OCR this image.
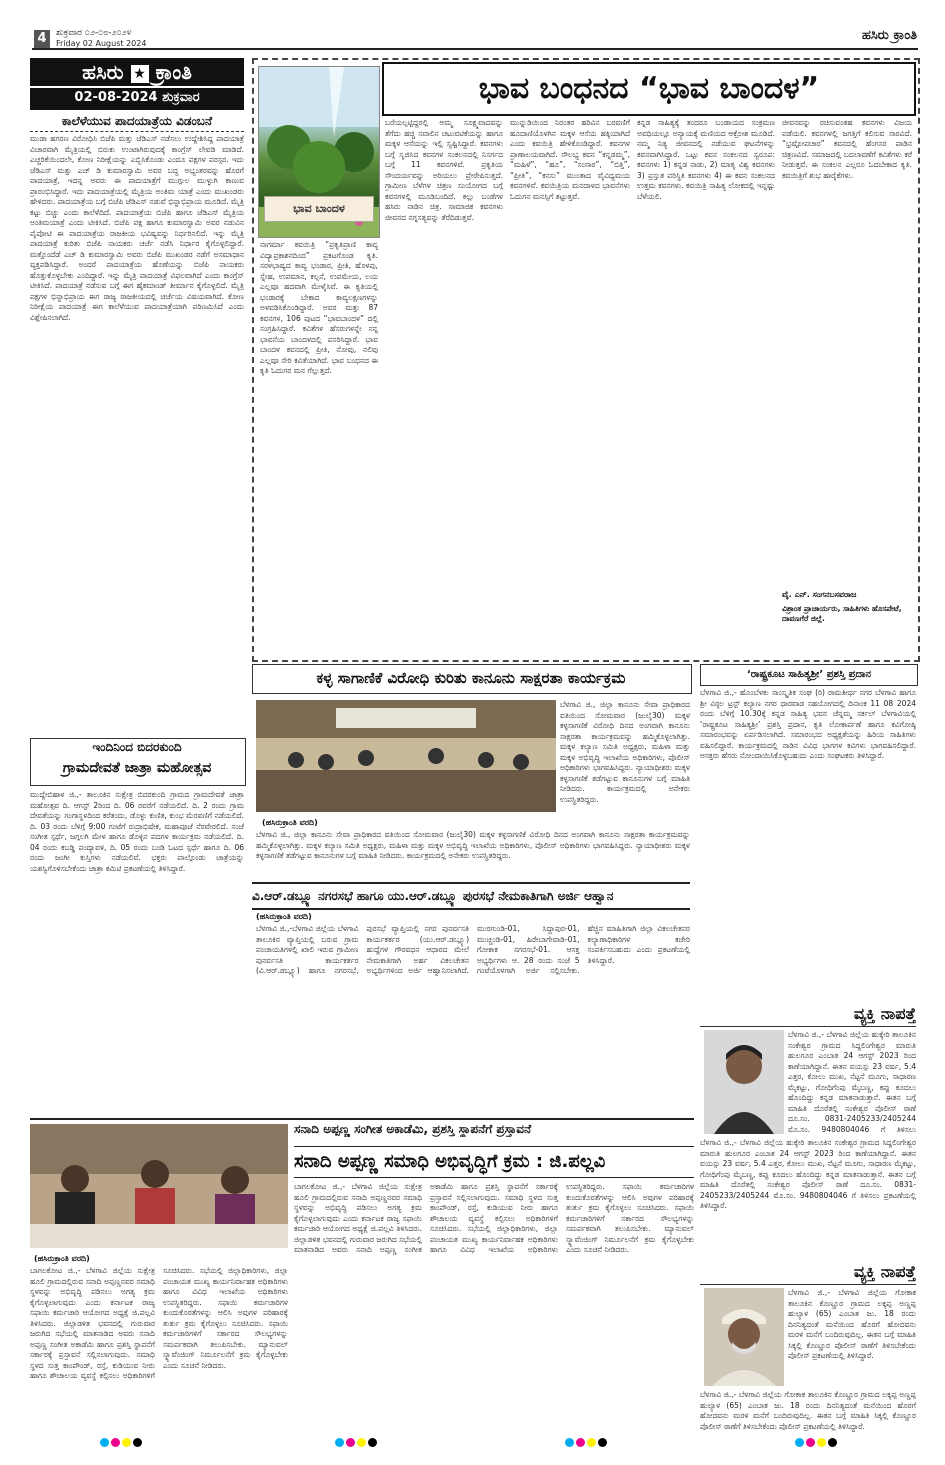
4	ಶುಕ್ರವಾರ ೦೨-೦೮-೨೦೨೪
Friday 02 August 2024
ಹಸಿರು ಕ್ರಾಂತಿ
ಹಸಿರು ★ ಕ್ರಾಂತಿ
02-08-2024 ಶುಕ್ರವಾರ
ಕಾಲೆಳೆಯುವ ಪಾದಯಾತ್ರೆಯ ವಿಡಂಬನೆ
ಮುಡಾ ಹಗರಣ ವಿರೋಧಿಸಿ ಬಿಜೆಪಿ ಮತ್ತು ಜೆಡಿಎಸ್ ನಡೆಸಲು ಉದ್ದೇಶಿಸಿದ್ದ ಪಾದಯಾತ್ರೆ ವಿಚಾರವಾಗಿ ಮೈತ್ರಿಯಲ್ಲಿ ಬಿರುಕು ಉಂಟಾಗಿರುವುದಕ್ಕೆ ಕಾಂಗ್ರೆಸ್ ಲೇವಡಿ ಮಾಡಿದೆ. ಎಚ್ಚರಿಕೆಯಿಂದಲೇ, ಕೋಣ ನಿರೀಕ್ಷೆಯನ್ನು ಎಬ್ಬಿಸಿಕೊಂಡು ಎಂದೂ ಪಕ್ಷಗಳ ಪರಸ್ಪರ. ಇದು ಜೆಡಿಎಸ್ ಮತ್ತು ಎಚ್ ಡಿ ಕುಮಾರಸ್ವಾಮಿ ಅವರ ಬದ್ಧ ಅಭ್ಯಂತರವನ್ನು ಹೊರಗೆ ಪಾದಯಾತ್ರೆ, ಇದನ್ನ ಅವರು ಈ ಪಾದಯಾತ್ರೆಗೆ ಮುಗ್ಗುಲ ಮುಳ್ಳುಗಿ ಕಾಣುವ ಪ್ರಾರಂಭಿಸಿದ್ದಾರೆ. ಇದು ಪಾದಯಾತ್ರೆಯಲ್ಲಿ ಮೈತ್ರಿಯ ಅಂತಿಮ ಯಾತ್ರೆ ಎಂದು ಮುಖಂಡರು ಹೇಳಿದರು. ಪಾದಯಾತ್ರೆಯ ಬಗ್ಗೆ ಬಿಜೆಪಿ ಜೆಡಿಎಸ್ ನಡುವೆ ಭಿನ್ನಾಭಿಪ್ರಾಯ ಮೂಡಿದೆ. ಮೈತ್ರಿ ಕಟ್ಟು ಬಿಚ್ಚು ಎಂದು ಕಾಲೆಳೆದಿದೆ. ಪಾದಯಾತ್ರೆಯ ಬಿಜೆಪಿ ಹಾಗೂ ಜೆಡಿಎಸ್ ಮೈತ್ರಿಯ ಅಂತಿಮಯಾತ್ರೆ ಎಂದು ಟೀಕಿಸಿದೆ. ಬಿಜೆಪಿ ಪಕ್ಷ ಹಾಗೂ ಕುಮಾರಸ್ವಾಮಿ ಅವರ ನಡುವಿನ ಪೈಪೋಟಿ ಈ ಪಾದಯಾತ್ರೆಯ ರಾಜಕೀಯ ಭವಿಷ್ಯವನ್ನು ನಿರ್ಧರಿಸಲಿದೆ. ಇನ್ನು ಮೈತ್ರಿ ಪಾದಯಾತ್ರೆ ಕುರಿತು ಬಿಜೆಪಿ ನಾಯಕರು ಚರ್ಚೆ ನಡೆಸಿ ನಿರ್ಧಾರ ಕೈಗೊಳ್ಳಲಿದ್ದಾರೆ. ಮತ್ತೊಂದೆಡೆ ಎಚ್ ಡಿ ಕುಮಾರಸ್ವಾಮಿ ಅವರು ಬಿಜೆಪಿ ಮುಖಂಡರ ನಡೆಗೆ ಅಸಮಾಧಾನ ವ್ಯಕ್ತಪಡಿಸಿದ್ದಾರೆ. ಅಂದರೆ ಪಾದಯಾತ್ರೆಯ ಹೊಣೆಯನ್ನು ಬಿಜೆಪಿ ನಾಯಕರು ಹೊತ್ತುಕೊಳ್ಳಬೇಕು ಎಂದಿದ್ದಾರೆ. ಇನ್ನು ಮೈತ್ರಿ ಪಾದಯಾತ್ರೆ ವಿಫಲವಾಗಿದೆ ಎಂದು ಕಾಂಗ್ರೆಸ್ ಟೀಕಿಸಿದೆ. ಪಾದಯಾತ್ರೆ ನಡೆಸುವ ಬಗ್ಗೆ ಈಗ ಹೈಕಮಾಂಡ್ ತೀರ್ಮಾನ ಕೈಗೊಳ್ಳಲಿದೆ. ಮೈತ್ರಿ ಪಕ್ಷಗಳ ಭಿನ್ನಾಭಿಪ್ರಾಯ ಈಗ ರಾಜ್ಯ ರಾಜಕೀಯದಲ್ಲಿ ಚರ್ಚೆಯ ವಿಷಯವಾಗಿದೆ. ಕೋಣ ನಿರೀಕ್ಷೆಯ ಪಾದಯಾತ್ರೆ ಈಗ ಕಾಲೆಳೆಯುವ ಪಾದಯಾತ್ರೆಯಾಗಿ ಪರಿಣಮಿಸಿದೆ ಎಂದು ವಿಶ್ಲೇಷಿಸಲಾಗಿದೆ.
ಭಾವ ಬಂಧನದ “ಭಾವ ಬಾಂದಳ”
ಭಾವ ಬಾಂದಳ
ನಾಗರ್ಮಾ ಕವಯಿತ್ರಿ “ಪ್ರಕೃತಿಪ್ರಾಣಿ ಕಾವ್ಯ ವಿದ್ಯಾಪ್ರಕಾಶನದಿಂದ” ಪ್ರಕಟಗೊಂಡ ಕೃತಿ. ಸರಳಭಾಷ್ಯದ ಕಾವ್ಯ ಭಂಡಾರ, ಪ್ರೀತಿ, ಹೊಳಪು, ಸ್ನೇಹ, ಉಪಮಾನ, ಕಲ್ಪನೆ, ಉಪಮೇಯ, ಲಯ ಎಲ್ಲವೂ ಹದವಾಗಿ ಮೇಳೈಸಿವೆ. ಈ ಕೃತಿಯಲ್ಲಿ ಭಂಡಾರಕ್ಕೆ ಬೇಕಾದ ಕಾವ್ಯಲಕ್ಷಣಗಳನ್ನು ಅಳವಡಿಸಿಕೊಂಡಿದ್ದಾರೆ. ಅವರ ಮತ್ತು 87 ಕವನಗಳ, 106 ಪುಟದ “ಭಾವಬಾಂದಳ” ದಲ್ಲಿ ಸಂಗ್ರಹಿಸಿದ್ದಾರೆ. ಕವಿತೆಗಳ ಹೆಸರುಗಳನ್ನೇ ನನ್ನ ಭಾವನೆಯ ಬಾಂದಳದಲ್ಲಿ ಪಸರಿಸಿದ್ದಾರೆ. ಭಾವ ಬಾಂದಳ ಕವನದಲ್ಲಿ ಪ್ರೀತಿ, ನೋವು, ನಲಿವು ಎಲ್ಲವೂ ಸೇರಿ ಕವಿತೆಯಾಗಿದೆ. ಭಾವ ಬಂಧನದ ಈ ಕೃತಿ ಓದುಗರ ಮನ ಗೆಲ್ಲುತ್ತದೆ.
ಬರೆಯಲ್ಪಟ್ಟಿದ್ದರಲ್ಲಿ ಅಮ್ಮ ಸೂಕ್ಷ್ಮವಾದವನ್ನು ತೆಗೆದು ಹಚ್ಚಿ ಸವಾಲಿನ ಚಟುವಟಿಕೆಯನ್ನು ಹಾಗೂ ಮಕ್ಕಳ ಆಸೆಯನ್ನು ಇಲ್ಲಿ ಸೃಷ್ಟಿಸಿದ್ದಾರೆ. ಕವನಗಳು ಬಗ್ಗೆ ಸೃಜಿಸಿದ ಕವನಗಳ ಸಂಕಲನದಲ್ಲಿ ನಿಸರ್ಗದ ಬಗ್ಗೆ 11 ಕವನಗಳಿವೆ. ಪ್ರಕೃತಿಯ ಸೌಂದರ್ಯವನ್ನು ಅರಿಯಲು ಪ್ರೇರೇಪಿಸುತ್ತದೆ. ಗ್ರಾಮೀಣ ಬೆಳೆಗಳ ಚಿತ್ರಣ ಸಂಯೋಗದ ಬಗ್ಗೆ ಕವನಗಳಲ್ಲಿ ಮೂಡಿಬಂದಿದೆ. ಕಲ್ಲು ಬಂಡೆಗಳ ಹಸಿರು ನಾಡಿನ ಚಿತ್ರ. ಸಾಮಾಜಿಕ ಕವನಗಳು ಜೀವನದ ನಗ್ನಸತ್ಯವನ್ನು ತೆರೆದಿಡುತ್ತವೆ.
ಮುನ್ನುಡಿಯಿಂದ ನಿರಂತರ ಹರಿವಿನ ಬರವಣಿಗೆ ಹೂದಾಣಿಯೊಳಗಿನ ಮಕ್ಕಳ ಆಸೆಯ ಹಕ್ಕಿಯಾಗಿದೆ ಎಂದು ಕವಯಿತ್ರಿ ಹೇಳಿಕೊಂಡಿದ್ದಾರೆ. ಕವನಗಳ ಪ್ರಾಣಾಲಯವಾಗಿದೆ. ಸೌಲಭ್ಯ ಕವನ “ಕನ್ನಡಮ್ಮ”, “ಮಹಿಳೆ”, “ಹೂ”, “ಸಂಸಾರ”, “ಬಿತ್ತಿ”, “ಪ್ರೀತಿ”, “ಕನಸು” ಮುಂತಾದ ವೈವಿಧ್ಯಮಯ ಕವನಗಳಿವೆ. ಕವಯಿತ್ರಿಯ ಮನದಾಳದ ಭಾವನೆಗಳು ಓದುಗನ ಮನಸ್ಸಿಗೆ ತಟ್ಟುತ್ತವೆ.
ಕನ್ನಡ ಸಾಹಿತ್ಯಕ್ಕೆ ತಂದರೂ ಬಂಡಾಯದ ಸಂಕ್ರಮಣ ಅವಧಿಯಲ್ಲೂ ಅನ್ಯಾಯಕ್ಕೆ ಮಣಿಯದ ಆಕ್ರೋಶ ಮೂಡಿದೆ. ನಮ್ಮ ನಿತ್ಯ ಜೀವನದಲ್ಲಿ ನಡೆಯುವ ಘಟನೆಗಳನ್ನು ಕವನವಾಗಿಸಿದ್ದಾರೆ. ಒಟ್ಟು ಕವನ ಸಂಕಲನದ ಸ್ವರೂಪ: ಕವನಗಳು 1) ಕನ್ನಡ ನಾಡು, 2) ಮಾತೃ ವಿಶ್ವ ಕವನಗಳು 3) ಪ್ರಸ್ತುತ ಪರಿಸ್ಥಿತಿ ಕವನಗಳು 4) ಈ ಕವನ ಸಂಕಲನದ ಉತ್ತಮ ಕವನಗಳು. ಕವಯಿತ್ರಿ ಸಾಹಿತ್ಯ ಲೋಕದಲ್ಲಿ ಇನ್ನಷ್ಟು ಬೆಳೆಯಲಿ.
ಜೀವನವನ್ನು ರಚಿಸುವಂತಹ ಕವನಗಳು ವಿಜಯ ಪಡೆಯಲಿ. ಕವನಗಳಲ್ಲಿ ಜಗತ್ತಿಗೆ ಕಲಿಸುವ ಸಾರವಿದೆ. “ಭ್ರಷ್ಟೋಪಚಾರ” ಕವನದಲ್ಲಿ ಹೆಂಗಸರ ಪಾಡಿನ ಚಿತ್ರಣವಿದೆ. ಸಮಾಜದಲ್ಲಿ ಬದಲಾವಣೆಗೆ ಕವಿತೆಗಳು ಕರೆ ನೀಡುತ್ತವೆ. ಈ ಸಂಕಲನ ಎಲ್ಲರೂ ಓದಬೇಕಾದ ಕೃತಿ. ಕವಯಿತ್ರಿಗೆ ಶುಭ ಹಾರೈಕೆಗಳು.
ವೈ. ಎನ್. ಸಂಗನಬಸವರಾಜ
ವಿಶ್ರಾಂತ ಪ್ರಾಚಾರ್ಯರು, ಸಾಹಿತಿಗಳು ಹೊಸಪೇಟೆ, ದಾವಣಗೆರೆ ಜಿಲ್ಲೆ.
ಕಳ್ಳ ಸಾಗಾಣಿಕೆ ವಿರೋಧಿ ಕುರಿತು ಕಾನೂನು ಸಾಕ್ಷರತಾ ಕಾರ್ಯಕ್ರಮ
(ಹಸಿರುಕ್ರಾಂತಿ ವರದಿ)
ಬೆಳಗಾವಿ ಜಿ., ಜಿಲ್ಲಾ ಕಾನೂನು ಸೇವಾ ಪ್ರಾಧಿಕಾರದ ವತಿಯಿಂದ ಸೋಮವಾರ (ಜುಲೈ30) ಮಕ್ಕಳ ಕಳ್ಳಸಾಗಣಿಕೆ ವಿರೋಧಿ ದಿನದ ಅಂಗವಾಗಿ ಕಾನೂನು ಸಾಕ್ಷರತಾ ಕಾರ್ಯಕ್ರಮವನ್ನು ಹಮ್ಮಿಕೊಳ್ಳಲಾಗಿತ್ತು. ಮಕ್ಕಳ ಕಲ್ಯಾಣ ಸಮಿತಿ ಅಧ್ಯಕ್ಷರು, ಮಹಿಳಾ ಮತ್ತು ಮಕ್ಕಳ ಅಭಿವೃದ್ಧಿ ಇಲಾಖೆಯ ಅಧಿಕಾರಿಗಳು, ಪೊಲೀಸ್ ಅಧಿಕಾರಿಗಳು ಭಾಗವಹಿಸಿದ್ದರು. ನ್ಯಾಯಾಧೀಶರು ಮಕ್ಕಳ ಕಳ್ಳಸಾಗಣಿಕೆ ತಡೆಗಟ್ಟುವ ಕಾನೂನುಗಳ ಬಗ್ಗೆ ಮಾಹಿತಿ ನೀಡಿದರು. ಕಾರ್ಯಕ್ರಮದಲ್ಲಿ ಅನೇಕರು ಉಪಸ್ಥಿತರಿದ್ದರು.
ಬೆಳಗಾವಿ ಜಿ., ಜಿಲ್ಲಾ ಕಾನೂನು ಸೇವಾ ಪ್ರಾಧಿಕಾರದ ವತಿಯಿಂದ ಸೋಮವಾರ (ಜುಲೈ30) ಮಕ್ಕಳ ಕಳ್ಳಸಾಗಣಿಕೆ ವಿರೋಧಿ ದಿನದ ಅಂಗವಾಗಿ ಕಾನೂನು ಸಾಕ್ಷರತಾ ಕಾರ್ಯಕ್ರಮವನ್ನು ಹಮ್ಮಿಕೊಳ್ಳಲಾಗಿತ್ತು. ಮಕ್ಕಳ ಕಲ್ಯಾಣ ಸಮಿತಿ ಅಧ್ಯಕ್ಷರು, ಮಹಿಳಾ ಮತ್ತು ಮಕ್ಕಳ ಅಭಿವೃದ್ಧಿ ಇಲಾಖೆಯ ಅಧಿಕಾರಿಗಳು, ಪೊಲೀಸ್ ಅಧಿಕಾರಿಗಳು ಭಾಗವಹಿಸಿದ್ದರು. ನ್ಯಾಯಾಧೀಶರು ಮಕ್ಕಳ ಕಳ್ಳಸಾಗಣಿಕೆ ತಡೆಗಟ್ಟುವ ಕಾನೂನುಗಳ ಬಗ್ಗೆ ಮಾಹಿತಿ ನೀಡಿದರು. ಕಾರ್ಯಕ್ರಮದಲ್ಲಿ ಅನೇಕರು ಉಪಸ್ಥಿತರಿದ್ದರು.
‘ರಾಷ್ಟ್ರಕೂಟ ಸಾಹಿತ್ಯಶ್ರೀ’ ಪ್ರಶಸ್ತಿ ಪ್ರದಾನ
ಬೆಳಗಾವಿ ಜಿ.,- ಹೊಂಬೆಳಕು ಸಾಂಸ್ಕೃತಿಕ ಸಂಘ (ರಿ) ರಾಮತೀರ್ಥ ನಗರ ಬೆಳಗಾವಿ ಹಾಗೂ ಶ್ರೀ ವಿಠ್ಠಲ ಟ್ರಸ್ಟ್ ಕಲ್ಯಾಣ ನಗರ ಧಾರವಾಡ ಸಹಯೋಗದಲ್ಲಿ ದಿನಾಂಕ 11 08 2024 ರಂದು ಬೆಳಿಗ್ಗೆ 10.30ಕ್ಕೆ ಕನ್ನಡ ಸಾಹಿತ್ಯ ಭವನ ಚೆನ್ನಮ್ಮ ಸರ್ಕಲ್ ಬೆಳಗಾವಿಯಲ್ಲಿ ‘ರಾಷ್ಟ್ರಕೂಟ ಸಾಹಿತ್ಯಶ್ರೀ’ ಪ್ರಶಸ್ತಿ ಪ್ರದಾನ, ಕೃತಿ ಲೋಕಾರ್ಪಣೆ ಹಾಗೂ ಕವಿಗೋಷ್ಠಿ ಸಮಾರಂಭವನ್ನು ಏರ್ಪಡಿಸಲಾಗಿದೆ. ಸಮಾರಂಭದ ಅಧ್ಯಕ್ಷತೆಯನ್ನು ಹಿರಿಯ ಸಾಹಿತಿಗಳು ವಹಿಸಲಿದ್ದಾರೆ. ಕಾರ್ಯಕ್ರಮದಲ್ಲಿ ನಾಡಿನ ವಿವಿಧ ಭಾಗಗಳ ಕವಿಗಳು ಭಾಗವಹಿಸಲಿದ್ದಾರೆ. ಆಸಕ್ತರು ಹೆಸರು ನೋಂದಾಯಿಸಿಕೊಳ್ಳಬಹುದು ಎಂದು ಸಂಘಟಕರು ತಿಳಿಸಿದ್ದಾರೆ.
ಇಂದಿನಿಂದ ಬಿದರಕುಂದಿ
ಗ್ರಾಮದೇವತೆ ಜಾತ್ರಾ ಮಹೋತ್ಸವ
ಮುದ್ದೇಬಿಹಾಳ ಜಿ.,- ತಾಲೂಕಿನ ಸುಕ್ಷೇತ್ರ ಬಿದರಕುಂದಿ ಗ್ರಾಮದ ಗ್ರಾಮದೇವತೆ ಜಾತ್ರಾ ಮಹೋತ್ಸವ ದಿ. ಆಗಸ್ಟ್ 2ರಿಂದ ದಿ. 06 ರವರೆಗೆ ನಡೆಯಲಿದೆ. ದಿ. 2 ರಂದು ಗ್ರಾಮ ದೇವತೆಯನ್ನು ಗಂಗಾಸ್ಥಳದಿಂದ ಕರೆತಂದು, ಡೊಳ್ಳು ಕುಣಿತ, ಕುಂಭ ಮೆರವಣಿಗೆ ನಡೆಯಲಿದೆ. ದಿ. 03 ರಂದು ಬೆಳಿಗ್ಗೆ 9:00 ಗಂಟೆಗೆ ರುದ್ರಾಭಿಷೇಕ, ಮಹಾಪೂಜೆ ನೆರವೇರಲಿದೆ. ಸಂಜೆ ಸಂಗೀತ ಸ್ಪರ್ಧೆ, ಜಗ್ಗಲಗಿ ಮೇಳ ಹಾಗೂ ಡೊಳ್ಳಿನ ಪದಗಳ ಕಾರ್ಯಕ್ರಮ ನಡೆಯಲಿದೆ. ದಿ. 04 ರಂದು ಕಬಡ್ಡಿ ಪಂದ್ಯಾವಳಿ, ದಿ. 05 ರಂದು ಬಂಡಿ ಓಟದ ಸ್ಪರ್ಧೆ ಹಾಗೂ ದಿ. 06 ರಂದು ಜಂಗೀ ಕುಸ್ತಿಗಳು ನಡೆಯಲಿವೆ. ಭಕ್ತರು ಪಾಲ್ಗೊಂಡು ಜಾತ್ರೆಯನ್ನು ಯಶಸ್ವಿಗೊಳಿಸಬೇಕೆಂದು ಜಾತ್ರಾ ಕಮಿಟಿ ಪ್ರಕಟಣೆಯಲ್ಲಿ ತಿಳಿಸಿದ್ದಾರೆ.
ವಿ.ಆರ್.ಡಬ್ಲ್ಯೂ ನಗರಸಭೆ ಹಾಗೂ ಯು.ಆರ್.ಡಬ್ಲ್ಯೂ ಪುರಸಭೆ ನೇಮಕಾತಿಗಾಗಿ ಅರ್ಜಿ ಆಹ್ವಾನ
(ಹಸಿರುಕ್ರಾಂತಿ ವರದಿ)
ಬೆಳಗಾವಿ ಜಿ.,-ಬೆಳಗಾವಿ ಜಿಲ್ಲೆಯ ಬೆಳಗಾವಿ ತಾಲೂಕಿನ ವ್ಯಾಪ್ತಿಯಲ್ಲಿ ಬರುವ ಗ್ರಾಮ ಪಂಚಾಯತಿಗಳಲ್ಲಿ ಖಾಲಿ ಇರುವ ಗ್ರಾಮೀಣ ಪುನರ್ವಸತಿ ಕಾರ್ಯಕರ್ತರ (ವಿ.ಆರ್.ಡಬ್ಲ್ಯೂ) ಹಾಗೂ ನಗರಸಭೆ, ಪುರಸಭೆ ವ್ಯಾಪ್ತಿಯಲ್ಲಿ ನಗರ ಪುನರ್ವಸತಿ ಕಾರ್ಯಕರ್ತರ (ಯು.ಆರ್.ಡಬ್ಲ್ಯೂ) ಹುದ್ದೆಗಳ ಗೌರವಧನ ಆಧಾರದ ಮೇಲೆ ನೇಮಕಾತಿಗಾಗಿ ಅರ್ಹ ವಿಕಲಚೇತನ ಅಭ್ಯರ್ಥಿಗಳಿಂದ ಅರ್ಜಿ ಆಹ್ವಾನಿಸಲಾಗಿದೆ. ಮುರಗುಂಡಿ-01, ಸಿದ್ದಾಪುರ-01, ಮುಚ್ಚಂಡಿ-01, ಹಿರೇಬಾಗೇವಾಡಿ-01, ಗೋಕಾಕ ನಗರಸಭೆ-01. ಆಸಕ್ತ ಅಭ್ಯರ್ಥಿಗಳು ಆ. 28 ರಂದು ಸಂಜೆ 5 ಗಂಟೆಯೊಳಗಾಗಿ ಅರ್ಜಿ ಸಲ್ಲಿಸಬೇಕು. ಹೆಚ್ಚಿನ ಮಾಹಿತಿಗಾಗಿ ಜಿಲ್ಲಾ ವಿಕಲಚೇತನರ ಕಲ್ಯಾಣಾಧಿಕಾರಿಗಳ ಕಚೇರಿ ಸಂಪರ್ಕಿಸಬಹುದು ಎಂದು ಪ್ರಕಟಣೆಯಲ್ಲಿ ತಿಳಿಸಿದ್ದಾರೆ.
ವ್ಯಕ್ತಿ ನಾಪತ್ತೆ
ಬೆಳಗಾವಿ ಜಿ.,- ಬೆಳಗಾವಿ ಜಿಲ್ಲೆಯ ಹುಕ್ಕೇರಿ ತಾಲೂಕಿನ ಸಂಕೇಶ್ವರ ಗ್ರಾಮದ ಸಿದ್ದಲಿಂಗೇಶ್ವರ ಮಾರುತಿ ಹುಲಗೂರ ಎಂಬಾತ 24 ಆಗಸ್ಟ್ 2023 ರಿಂದ ಕಾಣೆಯಾಗಿದ್ದಾನೆ. ಈತನ ವಯಸ್ಸು 23 ವರ್ಷ, 5.4 ಎತ್ತರ, ಕೋಲು ಮುಖ, ನೆಟ್ಟನೆ ಮೂಗು, ಸಾಧಾರಣ ಮೈಕಟ್ಟು, ಗೋಧಿಗೆಂಪು ಮೈಬಣ್ಣ, ಕಪ್ಪು ಕೂದಲು ಹೊಂದಿದ್ದು ಕನ್ನಡ ಮಾತನಾಡುತ್ತಾನೆ. ಈತನ ಬಗ್ಗೆ ಮಾಹಿತಿ ದೊರೆತಲ್ಲಿ ಸಂಕೇಶ್ವರ ಪೊಲೀಸ್ ಠಾಣೆ ದೂ.ಸಂ. 0831-2405233/2405244 ಮೊ.ಸಂ. 9480804046 ಗೆ ತಿಳಿಸಲು
ಬೆಳಗಾವಿ ಜಿ.,- ಬೆಳಗಾವಿ ಜಿಲ್ಲೆಯ ಹುಕ್ಕೇರಿ ತಾಲೂಕಿನ ಸಂಕೇಶ್ವರ ಗ್ರಾಮದ ಸಿದ್ದಲಿಂಗೇಶ್ವರ ಮಾರುತಿ ಹುಲಗೂರ ಎಂಬಾತ 24 ಆಗಸ್ಟ್ 2023 ರಿಂದ ಕಾಣೆಯಾಗಿದ್ದಾನೆ. ಈತನ ವಯಸ್ಸು 23 ವರ್ಷ, 5.4 ಎತ್ತರ, ಕೋಲು ಮುಖ, ನೆಟ್ಟನೆ ಮೂಗು, ಸಾಧಾರಣ ಮೈಕಟ್ಟು, ಗೋಧಿಗೆಂಪು ಮೈಬಣ್ಣ, ಕಪ್ಪು ಕೂದಲು ಹೊಂದಿದ್ದು ಕನ್ನಡ ಮಾತನಾಡುತ್ತಾನೆ. ಈತನ ಬಗ್ಗೆ ಮಾಹಿತಿ ದೊರೆತಲ್ಲಿ ಸಂಕೇಶ್ವರ ಪೊಲೀಸ್ ಠಾಣೆ ದೂ.ಸಂ. 0831-2405233/2405244 ಮೊ.ಸಂ. 9480804046 ಗೆ ತಿಳಿಸಲು ಪ್ರಕಟಣೆಯಲ್ಲಿ ತಿಳಿಸಿದ್ದಾರೆ.
ವ್ಯಕ್ತಿ ನಾಪತ್ತೆ
ಬೆಳಗಾವಿ ಜಿ.,- ಬೆಳಗಾವಿ ಜಿಲ್ಲೆಯ ಗೋಕಾಕ ತಾಲೂಕಿನ ಕೊಣ್ಣೂರ ಗ್ರಾಮದ ಲಕ್ಕಪ್ಪ ಅಣ್ಣಪ್ಪ ಹುಲ್ಯಾಳ (65) ಎಂಬಾತ ಜು. 18 ರಂದು ದಿನನಿತ್ಯದಂತೆ ಮನೆಯಿಂದ ಹೊರಗೆ ಹೋದವನು ಮರಳಿ ಮನೆಗೆ ಬಂದಿರುವುದಿಲ್ಲ. ಈತನ ಬಗ್ಗೆ ಮಾಹಿತಿ ಸಿಕ್ಕಲ್ಲಿ ಕೊಣ್ಣೂರ ಪೊಲೀಸ್ ಠಾಣೆಗೆ ತಿಳಿಸಬೇಕೆಂದು ಪೊಲೀಸ್ ಪ್ರಕಟಣೆಯಲ್ಲಿ ತಿಳಿಸಿದ್ದಾರೆ.
ಬೆಳಗಾವಿ ಜಿ.,- ಬೆಳಗಾವಿ ಜಿಲ್ಲೆಯ ಗೋಕಾಕ ತಾಲೂಕಿನ ಕೊಣ್ಣೂರ ಗ್ರಾಮದ ಲಕ್ಕಪ್ಪ ಅಣ್ಣಪ್ಪ ಹುಲ್ಯಾಳ (65) ಎಂಬಾತ ಜು. 18 ರಂದು ದಿನನಿತ್ಯದಂತೆ ಮನೆಯಿಂದ ಹೊರಗೆ ಹೋದವನು ಮರಳಿ ಮನೆಗೆ ಬಂದಿರುವುದಿಲ್ಲ. ಈತನ ಬಗ್ಗೆ ಮಾಹಿತಿ ಸಿಕ್ಕಲ್ಲಿ ಕೊಣ್ಣೂರ ಪೊಲೀಸ್ ಠಾಣೆಗೆ ತಿಳಿಸಬೇಕೆಂದು ಪೊಲೀಸ್ ಪ್ರಕಟಣೆಯಲ್ಲಿ ತಿಳಿಸಿದ್ದಾರೆ.
ಸನಾದಿ ಅಪ್ಪಣ್ಣ ಸಂಗೀತ ಅಕಾಡೆಮಿ, ಪ್ರಶಸ್ತಿ ಸ್ಥಾಪನೆಗೆ ಪ್ರಸ್ತಾವನೆ
ಸನಾದಿ ಅಪ್ಪಣ್ಣ ಸಮಾಧಿ ಅಭಿವೃದ್ಧಿಗೆ ಕ್ರಮ : ಜಿ.ಪಲ್ಲವಿ
ಬಾಗಲಕೋಟ ಜಿ.,- ಬೆಳಗಾವಿ ಜಿಲ್ಲೆಯ ಸುಕ್ಷೇತ್ರ ಹೂಲಿ ಗ್ರಾಮದಲ್ಲಿರುವ ಸನಾದಿ ಅಪ್ಪಣ್ಣನವರ ಸಮಾಧಿ ಸ್ಥಳವನ್ನು ಅಭಿವೃದ್ಧಿ ಪಡಿಸಲು ಅಗತ್ಯ ಕ್ರಮ ಕೈಗೊಳ್ಳಲಾಗುವುದು ಎಂದು ಕರ್ನಾಟಕ ರಾಜ್ಯ ಸಫಾಯಿ ಕರ್ಮಚಾರಿ ಆಯೋಗದ ಅಧ್ಯಕ್ಷೆ ಜಿ.ಪಲ್ಲವಿ ತಿಳಿಸಿದರು. ಜಿಲ್ಲಾಡಳಿತ ಭವನದಲ್ಲಿ ಗುರುವಾರ ಜರುಗಿದ ಸಭೆಯಲ್ಲಿ ಮಾತನಾಡಿದ ಅವರು ಸನಾದಿ ಅಪ್ಪಣ್ಣ ಸಂಗೀತ ಅಕಾಡೆಮಿ ಹಾಗೂ ಪ್ರಶಸ್ತಿ ಸ್ಥಾಪನೆಗೆ ಸರ್ಕಾರಕ್ಕೆ ಪ್ರಸ್ತಾವನೆ ಸಲ್ಲಿಸಲಾಗುವುದು. ಸಮಾಧಿ ಸ್ಥಳದ ಸುತ್ತ ಕಾಂಪೌಂಡ್, ರಸ್ತೆ, ಕುಡಿಯುವ ನೀರು ಹಾಗೂ ಶೌಚಾಲಯ ವ್ಯವಸ್ಥೆ ಕಲ್ಪಿಸಲು ಅಧಿಕಾರಿಗಳಿಗೆ ಸೂಚಿಸಿದರು. ಸಭೆಯಲ್ಲಿ ಜಿಲ್ಲಾಧಿಕಾರಿಗಳು, ಜಿಲ್ಲಾ ಪಂಚಾಯತ ಮುಖ್ಯ ಕಾರ್ಯನಿರ್ವಾಹಕ ಅಧಿಕಾರಿಗಳು ಹಾಗೂ ವಿವಿಧ ಇಲಾಖೆಯ ಅಧಿಕಾರಿಗಳು ಉಪಸ್ಥಿತರಿದ್ದರು. ಸಫಾಯಿ ಕರ್ಮಚಾರಿಗಳ ಕುಂದುಕೊರತೆಗಳನ್ನು ಆಲಿಸಿ ಅವುಗಳ ಪರಿಹಾರಕ್ಕೆ ತುರ್ತು ಕ್ರಮ ಕೈಗೊಳ್ಳಲು ಸೂಚಿಸಿದರು. ಸಫಾಯಿ ಕರ್ಮಚಾರಿಗಳಿಗೆ ಸರ್ಕಾರದ ಸೌಲಭ್ಯಗಳನ್ನು ಸಮರ್ಪಕವಾಗಿ ತಲುಪಿಸಬೇಕು. ಮ್ಯಾನುವಲ್ ಸ್ಕ್ಯಾವೆಂಜಿಂಗ್ ನಿರ್ಮೂಲನೆಗೆ ಕ್ರಮ ಕೈಗೊಳ್ಳಬೇಕು ಎಂದು ಸೂಚನೆ ನೀಡಿದರು.
(ಹಸಿರುಕ್ರಾಂತಿ ವರದಿ)
ಬಾಗಲಕೋಟ ಜಿ.,- ಬೆಳಗಾವಿ ಜಿಲ್ಲೆಯ ಸುಕ್ಷೇತ್ರ ಹೂಲಿ ಗ್ರಾಮದಲ್ಲಿರುವ ಸನಾದಿ ಅಪ್ಪಣ್ಣನವರ ಸಮಾಧಿ ಸ್ಥಳವನ್ನು ಅಭಿವೃದ್ಧಿ ಪಡಿಸಲು ಅಗತ್ಯ ಕ್ರಮ ಕೈಗೊಳ್ಳಲಾಗುವುದು ಎಂದು ಕರ್ನಾಟಕ ರಾಜ್ಯ ಸಫಾಯಿ ಕರ್ಮಚಾರಿ ಆಯೋಗದ ಅಧ್ಯಕ್ಷೆ ಜಿ.ಪಲ್ಲವಿ ತಿಳಿಸಿದರು. ಜಿಲ್ಲಾಡಳಿತ ಭವನದಲ್ಲಿ ಗುರುವಾರ ಜರುಗಿದ ಸಭೆಯಲ್ಲಿ ಮಾತನಾಡಿದ ಅವರು ಸನಾದಿ ಅಪ್ಪಣ್ಣ ಸಂಗೀತ ಅಕಾಡೆಮಿ ಹಾಗೂ ಪ್ರಶಸ್ತಿ ಸ್ಥಾಪನೆಗೆ ಸರ್ಕಾರಕ್ಕೆ ಪ್ರಸ್ತಾವನೆ ಸಲ್ಲಿಸಲಾಗುವುದು. ಸಮಾಧಿ ಸ್ಥಳದ ಸುತ್ತ ಕಾಂಪೌಂಡ್, ರಸ್ತೆ, ಕುಡಿಯುವ ನೀರು ಹಾಗೂ ಶೌಚಾಲಯ ವ್ಯವಸ್ಥೆ ಕಲ್ಪಿಸಲು ಅಧಿಕಾರಿಗಳಿಗೆ ಸೂಚಿಸಿದರು. ಸಭೆಯಲ್ಲಿ ಜಿಲ್ಲಾಧಿಕಾರಿಗಳು, ಜಿಲ್ಲಾ ಪಂಚಾಯತ ಮುಖ್ಯ ಕಾರ್ಯನಿರ್ವಾಹಕ ಅಧಿಕಾರಿಗಳು ಹಾಗೂ ವಿವಿಧ ಇಲಾಖೆಯ ಅಧಿಕಾರಿಗಳು ಉಪಸ್ಥಿತರಿದ್ದರು. ಸಫಾಯಿ ಕರ್ಮಚಾರಿಗಳ ಕುಂದುಕೊರತೆಗಳನ್ನು ಆಲಿಸಿ ಅವುಗಳ ಪರಿಹಾರಕ್ಕೆ ತುರ್ತು ಕ್ರಮ ಕೈಗೊಳ್ಳಲು ಸೂಚಿಸಿದರು. ಸಫಾಯಿ ಕರ್ಮಚಾರಿಗಳಿಗೆ ಸರ್ಕಾರದ ಸೌಲಭ್ಯಗಳನ್ನು ಸಮರ್ಪಕವಾಗಿ ತಲುಪಿಸಬೇಕು. ಮ್ಯಾನುವಲ್ ಸ್ಕ್ಯಾವೆಂಜಿಂಗ್ ನಿರ್ಮೂಲನೆಗೆ ಕ್ರಮ ಕೈಗೊಳ್ಳಬೇಕು ಎಂದು ಸೂಚನೆ ನೀಡಿದರು.
